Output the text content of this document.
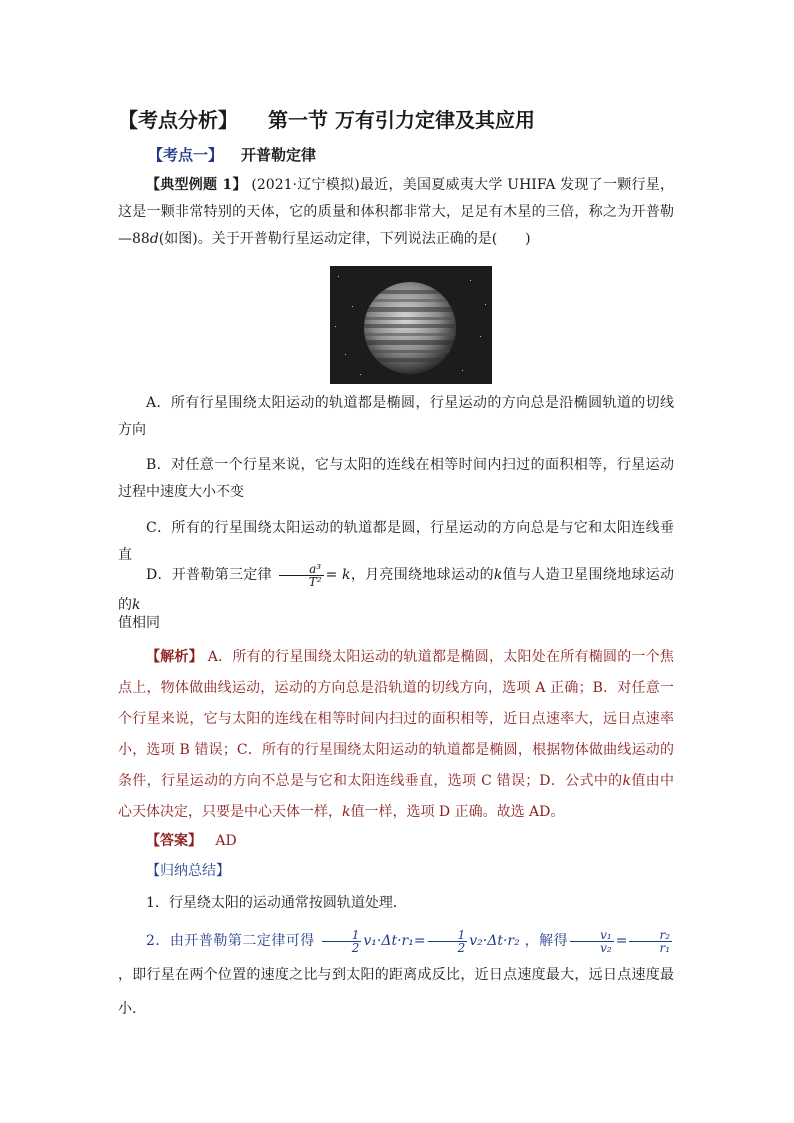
【考点分析】 第一节 万有引力定律及其应用
【考点一】 开普勒定律
【典型例题 1】 (2021·辽宁模拟)最近，美国夏威夷大学 UHIFA 发现了一颗行星，这是一颗非常特别的天体，它的质量和体积都非常大，足足有木星的三倍，称之为开普勒—88d(如图)。关于开普勒行星运动定律，下列说法正确的是(　　)
A．所有行星围绕太阳运动的轨道都是椭圆，行星运动的方向总是沿椭圆轨道的切线方向
B．对任意一个行星来说，它与太阳的连线在相等时间内扫过的面积相等，行星运动过程中速度大小不变
C．所有的行星围绕太阳运动的轨道都是圆，行星运动的方向总是与它和太阳连线垂直
D．开普勒第三定律 $\frac{\text{a³}}{\text{T²}} = k$，月亮围绕地球运动的k值与人造卫星围绕地球运动的k
值相同
【解析】 A．所有的行星围绕太阳运动的轨道都是椭圆，太阳处在所有椭圆的一个焦点上，物体做曲线运动，运动的方向总是沿轨道的切线方向，选项 A 正确；B．对任意一个行星来说，它与太阳的连线在相等时间内扫过的面积相等，近日点速率大，远日点速率小，选项 B 错误；C．所有的行星围绕太阳运动的轨道都是椭圆，根据物体做曲线运动的条件，行星运动的方向不总是与它和太阳连线垂直，选项 C 错误；D．公式中的k值由中心天体决定，只要是中心天体一样，k值一样，选项 D 正确。故选 AD。
【答案】 AD
【归纳总结】
1．行星绕太阳的运动通常按圆轨道处理．
2．由开普勒第二定律可得 $\frac{1}{2} v_1\cdot\Delta t\cdot r_1= \frac{1}{2} v_2\cdot\Delta t\cdot r_2$ ，解得 $\frac{\text{v₁}}{\text{v₂}} = \frac{\text{r₂}}{\text{r₁}}$
，即行星在两个位置的速度之比与到太阳的距离成反比，近日点速度最大，远日点速度最小．
